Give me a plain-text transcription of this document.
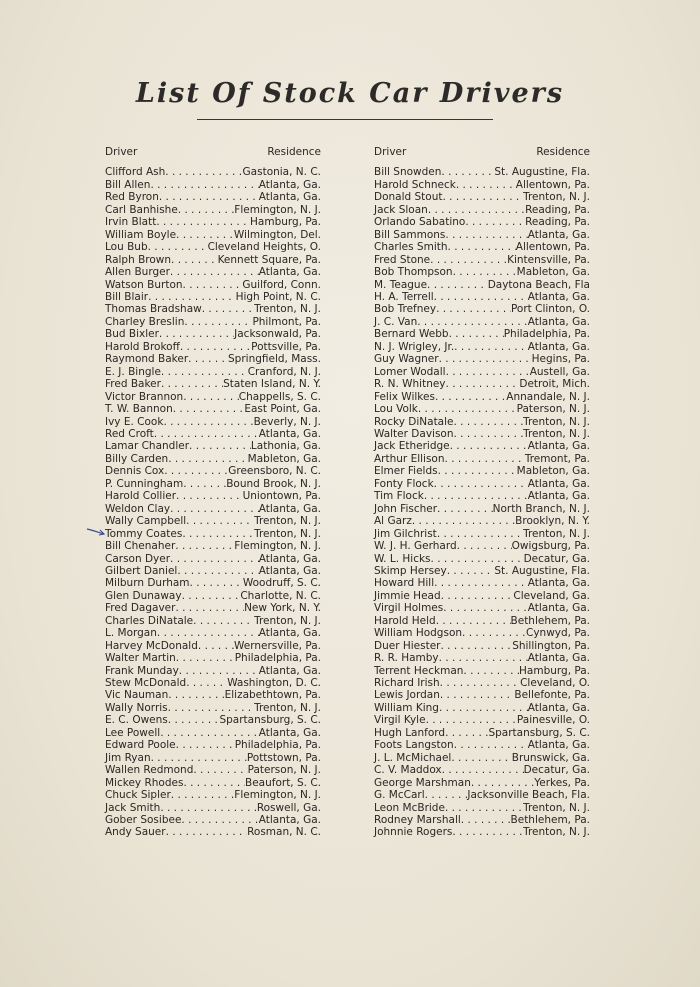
List Of Stock Car Drivers
Driver	Residence
Clifford Ash . . .	Gastonia, N. C.
Bill Allen . . .	Atlanta, Ga.
Red Byron . . .	Atlanta, Ga.
Carl Banhishe . . .	Flemington, N. J.
Irvin Blatt . . .	Hamburg, Pa.
William Boyle . . .	Wilmington, Del.
Lou Bub . . .	Cleveland Heights, O.
Ralph Brown . . .	Kennett Square, Pa.
Allen Burger . . .	Atlanta, Ga.
Watson Burton . . .	Guilford, Conn.
Bill Blair . . .	High Point, N. C.
Thomas Bradshaw . . .	Trenton, N. J.
Charley Breslin . . .	Philmont, Pa.
Bud Bixler . . .	Jacksonwald, Pa.
Harold Brokoff . . .	Pottsville, Pa.
Raymond Baker . . .	Springfield, Mass.
E. J. Bingle . . .	Cranford, N. J.
Fred Baker . . .	Staten Island, N. Y.
Victor Brannon . . .	Chappells, S. C.
T. W. Bannon . . .	East Point, Ga.
Ivy E. Cook . . .	Beverly, N. J.
Red Croft . . .	Atlanta, Ga.
Lamar Chandler . . .	Lathonia, Ga.
Billy Carden . . .	Mableton, Ga.
Dennis Cox . . .	Greensboro, N. C.
P. Cunningham . . .	Bound Brook, N. J.
Harold Collier . . .	Uniontown, Pa.
Weldon Clay . . .	Atlanta, Ga.
Wally Campbell . . .	Trenton, N. J.
Tommy Coates . . .	Trenton, N. J.
Bill Chenaher . . .	Flemington, N. J.
Carson Dyer . . .	Atlanta, Ga.
Gilbert Daniel . . .	Atlanta, Ga.
Milburn Durham . . .	Woodruff, S. C.
Glen Dunaway . . .	Charlotte, N. C.
Fred Dagaver . . .	New York, N. Y.
Charles DiNatale . . .	Trenton, N. J.
L. Morgan . . .	Atlanta, Ga.
Harvey McDonald . . .	Wernersville, Pa.
Walter Martin . . .	Philadelphia, Pa.
Frank Munday . . .	Atlanta, Ga.
Stew McDonald . . .	Washington, D. C.
Vic Nauman . . .	Elizabethtown, Pa.
Wally Norris . . .	Trenton, N. J.
E. C. Owens . . .	Spartansburg, S. C.
Lee Powell . . .	Atlanta, Ga.
Edward Poole . . .	Philadelphia, Pa.
Jim Ryan . . .	Pottstown, Pa.
Wallen Redmond . . .	Paterson, N. J.
Mickey Rhodes . . .	Beaufort, S. C.
Chuck Sipler . . .	Flemington, N. J.
Jack Smith . . .	Roswell, Ga.
Gober Sosibee . . .	Atlanta, Ga.
Andy Sauer . . .	Rosman, N. C.
Driver	Residence
Bill Snowden . . .	St. Augustine, Fla.
Harold Schneck . . .	Allentown, Pa.
Donald Stout . . .	Trenton, N. J.
Jack Sloan . . .	Reading, Pa.
Orlando Sabatino . . .	Reading, Pa.
Bill Sammons . . .	Atlanta, Ga.
Charles Smith . . .	Allentown, Pa.
Fred Stone . . .	Kintensville, Pa.
Bob Thompson . . .	Mableton, Ga.
M. Teague . . .	Daytona Beach, Fla
H. A. Terrell . . .	Atlanta, Ga.
Bob Trefney . . .	Port Clinton, O.
J. C. Van . . .	Atlanta, Ga.
Bernard Webb . . .	Philadelphia, Pa.
N. J. Wrigley, Jr. . . .	Atlanta, Ga.
Guy Wagner . . .	Hegins, Pa.
Lomer Wodall . . .	Austell, Ga.
R. N. Whitney . . .	Detroit, Mich.
Felix Wilkes . . .	Annandale, N. J.
Lou Volk . . .	Paterson, N. J.
Rocky DiNatale . . .	Trenton, N. J.
Walter Davison . . .	Trenton, N. J.
Jack Etheridge . . .	Atlanta, Ga.
Arthur Ellison . . .	Tremont, Pa.
Elmer Fields . . .	Mableton, Ga.
Fonty Flock . . .	Atlanta, Ga.
Tim Flock . . .	Atlanta, Ga.
John Fischer . . .	North Branch, N. J.
Al Garz . . .	Brooklyn, N. Y.
Jim Gilchrist . . .	Trenton, N. J.
W. J. H. Gerhard . . .	Owigsburg, Pa.
W. L. Hicks . . .	Decatur, Ga.
Skimp Hersey . . .	St. Augustine, Fla.
Howard Hill . . .	Atlanta, Ga.
Jimmie Head . . .	Cleveland, Ga.
Virgil Holmes . . .	Atlanta, Ga.
Harold Held . . .	Bethlehem, Pa.
William Hodgson . . .	Cynwyd, Pa.
Duer Hiester . . .	Shillington, Pa.
R. R. Hamby . . .	Atlanta, Ga.
Terrent Heckman . . .	Hamburg, Pa.
Richard Irish . . .	Cleveland, O.
Lewis Jordan . . .	Bellefonte, Pa.
William King . . .	Atlanta, Ga.
Virgil Kyle . . .	Painesville, O.
Hugh Lanford . . .	Spartansburg, S. C.
Foots Langston . . .	Atlanta, Ga.
J. L. McMichael . . .	Brunswick, Ga.
C. V. Maddox . . .	Decatur, Ga.
George Marshman . . .	Yerkes, Pa.
G. McCarl . . .	Jacksonville Beach, Fla.
Leon McBride . . .	Trenton, N. J.
Rodney Marshall . . .	Bethlehem, Pa.
Johnnie Rogers . . .	Trenton, N. J.
